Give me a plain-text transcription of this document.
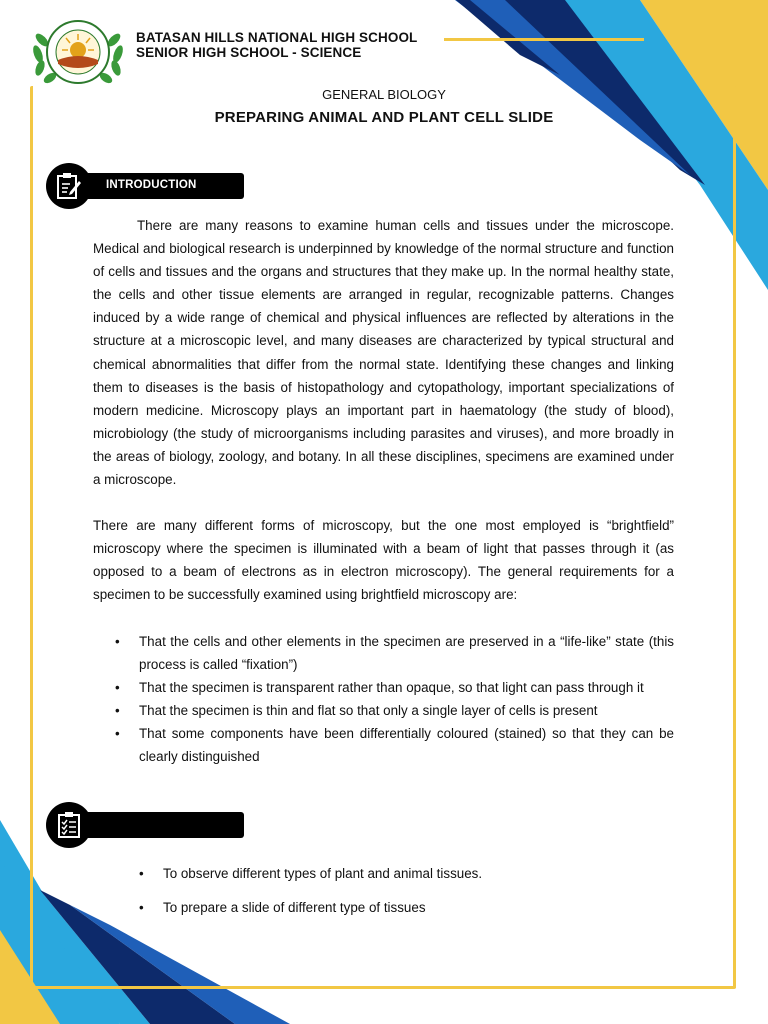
BATASAN HILLS NATIONAL HIGH SCHOOL
SENIOR HIGH SCHOOL - SCIENCE
GENERAL BIOLOGY
PREPARING ANIMAL AND PLANT CELL SLIDE
INTRODUCTION

There are many reasons to examine human cells and tissues under the microscope. Medical and biological research is underpinned by knowledge of the normal structure and function of cells and tissues and the organs and structures that they make up. In the normal healthy state, the cells and other tissue elements are arranged in regular, recognizable patterns. Changes induced by a wide range of chemical and physical influences are reflected by alterations in the structure at a microscopic level, and many diseases are characterized by typical structural and chemical abnormalities that differ from the normal state. Identifying these changes and linking them to diseases is the basis of histopathology and cytopathology, important specializations of modern medicine. Microscopy plays an important part in haematology (the study of blood), microbiology (the study of microorganisms including parasites and viruses), and more broadly in the areas of biology, zoology, and botany. In all these disciplines, specimens are examined under a microscope.

There are many different forms of microscopy, but the one most employed is “brightfield” microscopy where the specimen is illuminated with a beam of light that passes through it (as opposed to a beam of electrons as in electron microscopy). The general requirements for a specimen to be successfully examined using brightfield microscopy are:

• That the cells and other elements in the specimen are preserved in a “life-like” state (this process is called “fixation”)
• That the specimen is transparent rather than opaque, so that light can pass through it
• That the specimen is thin and flat so that only a single layer of cells is present
• That some components have been differentially coloured (stained) so that they can be clearly distinguished
• To observe different types of plant and animal tissues.
• To prepare a slide of different type of tissues
